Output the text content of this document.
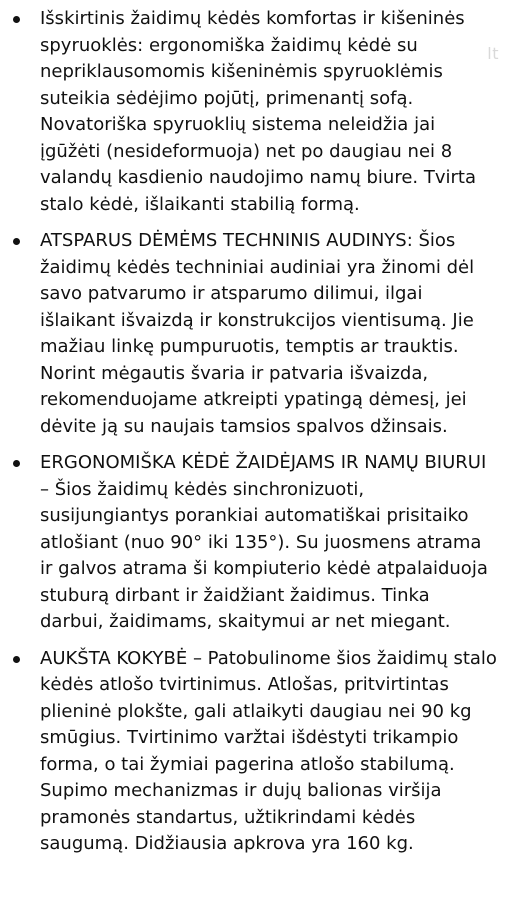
lt
Išskirtinis žaidimų kėdės komfortas ir kišeninės spyruoklės: ergonomiška žaidimų kėdė su nepriklausomomis kišeninėmis spyruoklėmis suteikia sėdėjimo pojūtį, primenantį sofą. Novatoriška spyruoklių sistema neleidžia jai įgūžėti (nesideformuoja) net po daugiau nei 8 valandų kasdienio naudojimo namų biure. Tvirta stalo kėdė, išlaikanti stabilią formą.
ATSPARUS DĖMĖMS TECHNINIS AUDINYS: Šios žaidimų kėdės techniniai audiniai yra žinomi dėl savo patvarumo ir atsparumo dilimui, ilgai išlaikant išvaizdą ir konstrukcijos vientisumą. Jie mažiau linkę pumpuruotis, temptis ar trauktis. Norint mėgautis švaria ir patvaria išvaizda, rekomenduojame atkreipti ypatingą dėmesį, jei dėvite ją su naujais tamsios spalvos džinsais.
ERGONOMIŠKA KĖDĖ ŽAIDĖJAMS IR NAMŲ BIURUI – Šios žaidimų kėdės sinchronizuoti, susijungiantys porankiai automatiškai prisitaiko atlošiant (nuo 90° iki 135°). Su juosmens atrama ir galvos atrama ši kompiuterio kėdė atpalaiduoja stuburą dirbant ir žaidžiant žaidimus. Tinka darbui, žaidimams, skaitymui ar net miegant.
AUKŠTA KOKYBĖ – Patobulinome šios žaidimų stalo kėdės atlošo tvirtinimus. Atlošas, pritvirtintas plieninė plokšte, gali atlaikyti daugiau nei 90 kg smūgius. Tvirtinimo varžtai išdėstyti trikampio forma, o tai žymiai pagerina atlošo stabilumą. Supimo mechanizmas ir dujų balionas viršija pramonės standartus, užtikrindami kėdės saugumą. Didžiausia apkrova yra 160 kg.
